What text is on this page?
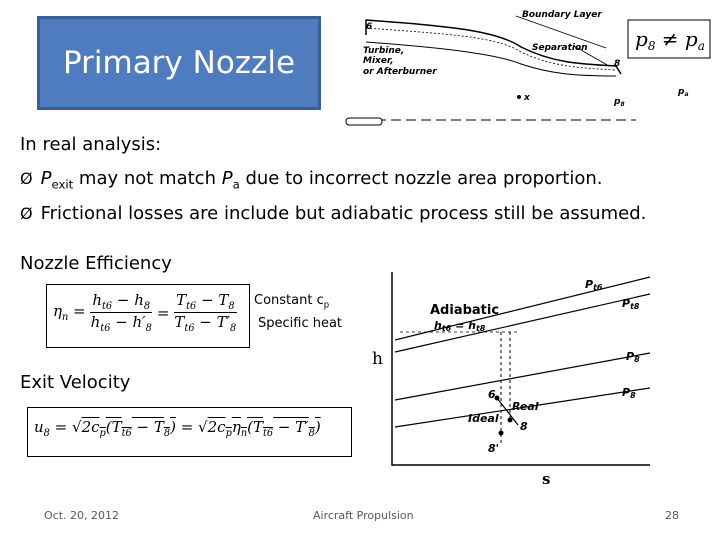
Primary Nozzle
Boundary Layer
6
Turbine,
Mixer,
or Afterburner
Separation
8
x	$p_8$
$p_a$
$p_8 \ne p_a$
In real analysis:
Ø $P_{exit}$ may not match $P_a$ due to incorrect nozzle area proportion.
Ø Frictional losses are include but adiabatic process still be assumed.
Nozzle Efficiency
$\eta_n = \frac{h_{t6} - h_8}{h_{t6} - h'_8} = \frac{T_{t6} - T_8}{T_{t6} - T'_8}$ Constant $c_p$
Specific heat
Exit Velocity
$u_8 = √2c_p(T_{t6} - T_8) = √2c_p\eta_n(T_{t6} - T'_8)$
Pt6
Pt8
P8
P8
ht6 = ht8
6
Real
Ideal
8
8'
Adiabatic
h
s
Oct. 20, 2012	Aircraft Propulsion	28
